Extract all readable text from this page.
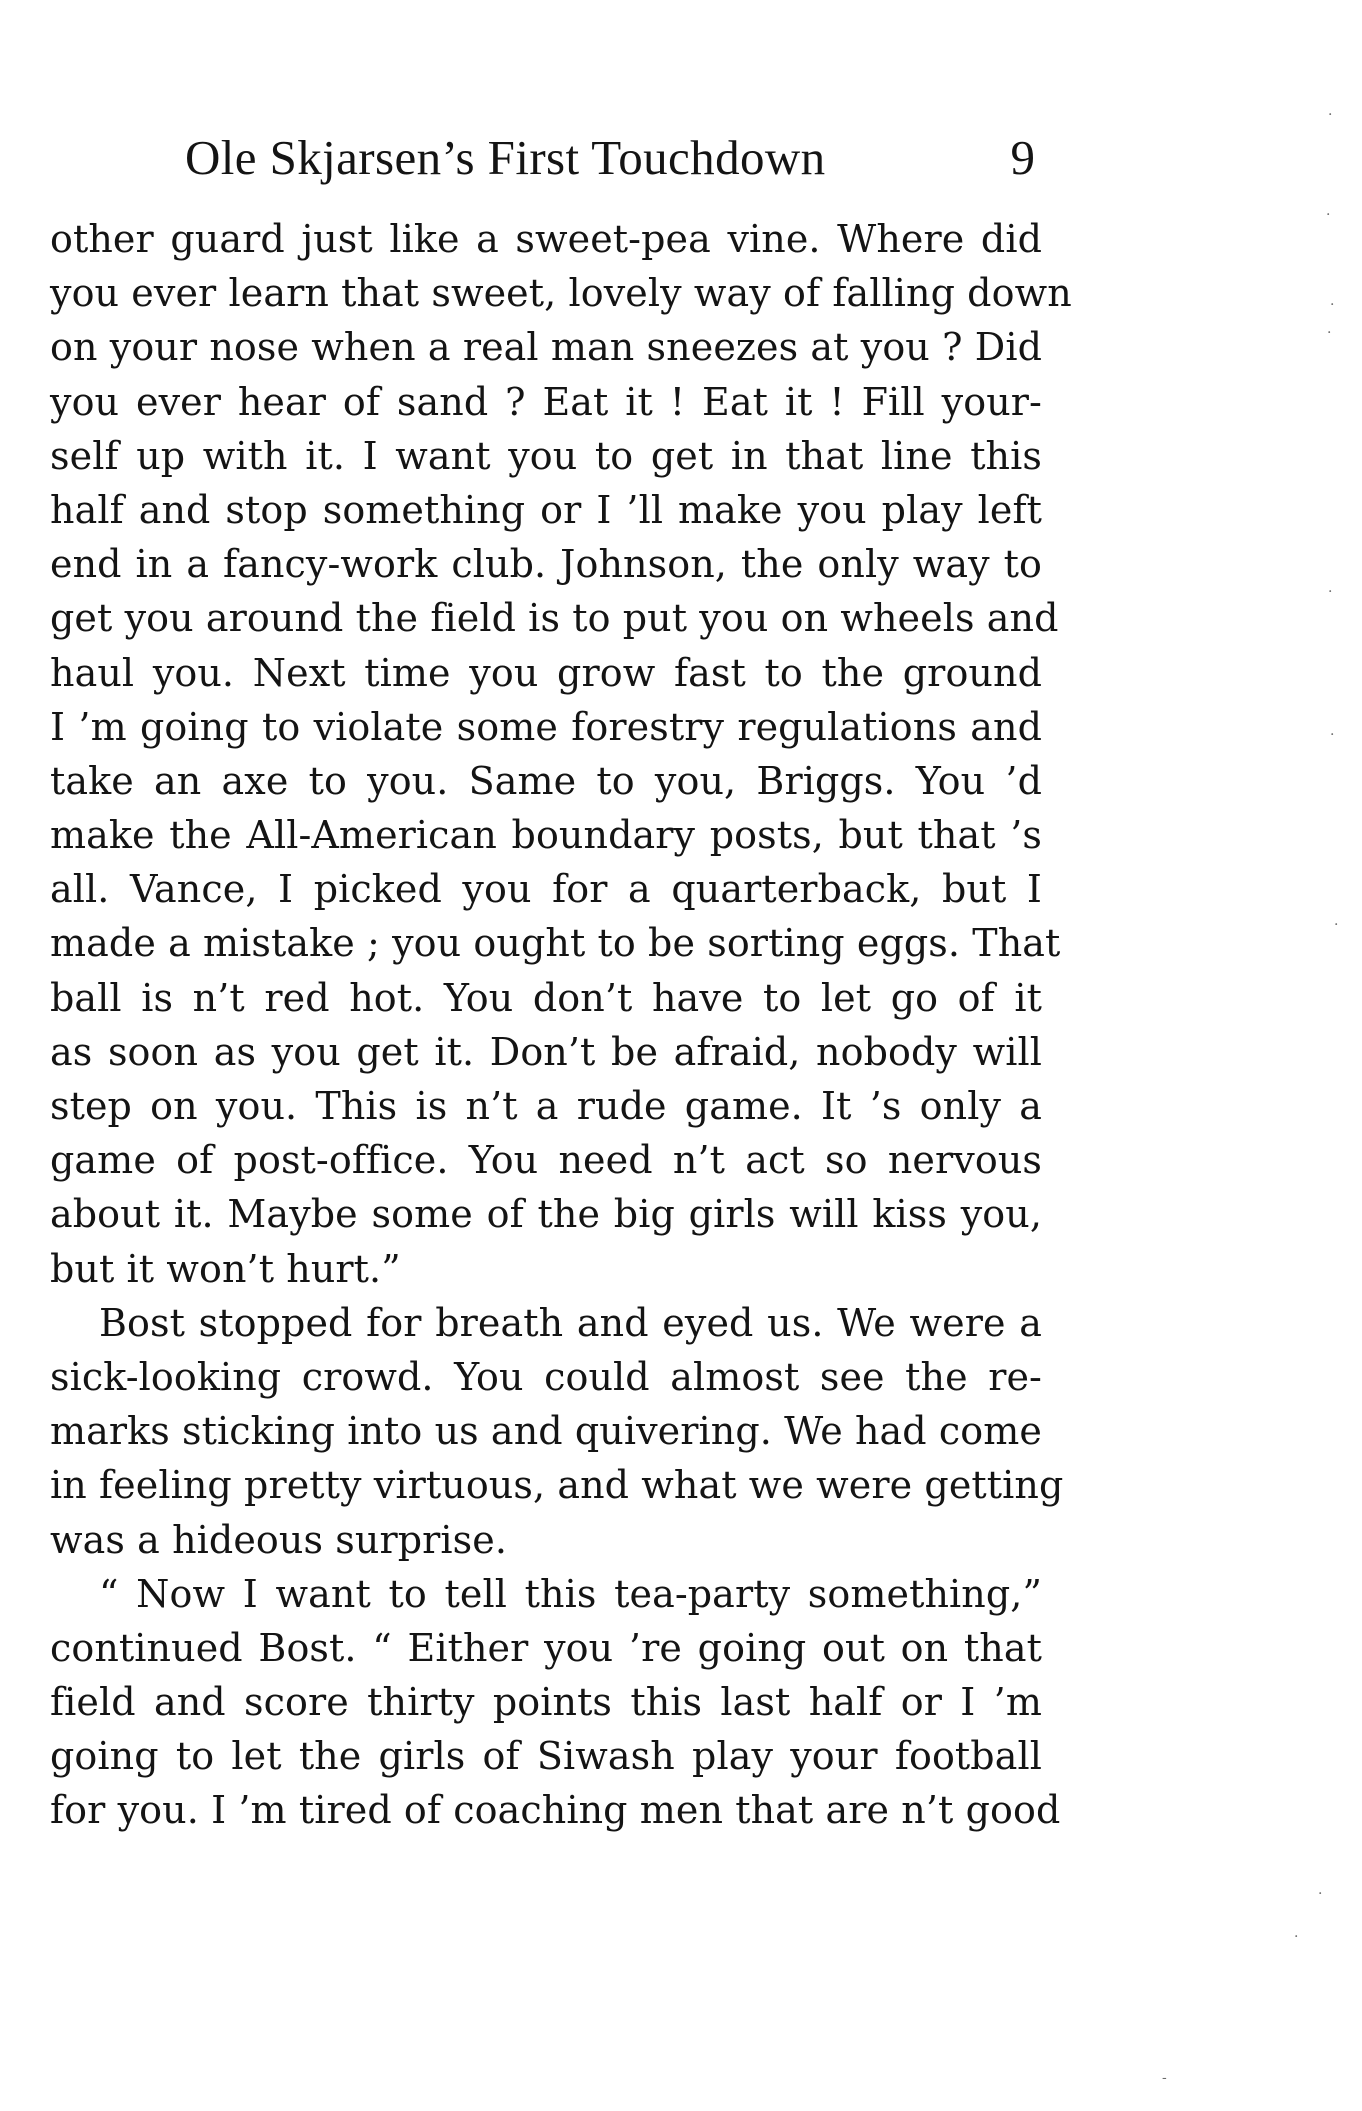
Ole Skjarsen’s First Touchdown	9
other guard just like a sweet-pea vine. Where did
you ever learn that sweet, lovely way of falling down
on your nose when a real man sneezes at you ? Did
you ever hear of sand ? Eat it ! Eat it ! Fill your-
self up with it. I want you to get in that line this
half and stop something or I ’ll make you play left
end in a fancy-work club. Johnson, the only way to
get you around the field is to put you on wheels and
haul you. Next time you grow fast to the ground
I ’m going to violate some forestry regulations and
take an axe to you. Same to you, Briggs. You ’d
make the All-American boundary posts, but that ’s
all. Vance, I picked you for a quarterback, but I
made a mistake ; you ought to be sorting eggs. That
ball is n’t red hot. You don’t have to let go of it
as soon as you get it. Don’t be afraid, nobody will
step on you. This is n’t a rude game. It ’s only a
game of post-office. You need n’t act so nervous
about it. Maybe some of the big girls will kiss you,
but it won’t hurt.”
Bost stopped for breath and eyed us. We were a
sick-looking crowd. You could almost see the re-
marks sticking into us and quivering. We had come
in feeling pretty virtuous, and what we were getting
was a hideous surprise.
“ Now I want to tell this tea-party something,”
continued Bost. “ Either you ’re going out on that
field and score thirty points this last half or I ’m
going to let the girls of Siwash play your football
for you. I ’m tired of coaching men that are n’t good
·
·
·
·
·
·
·
·
·
‐
